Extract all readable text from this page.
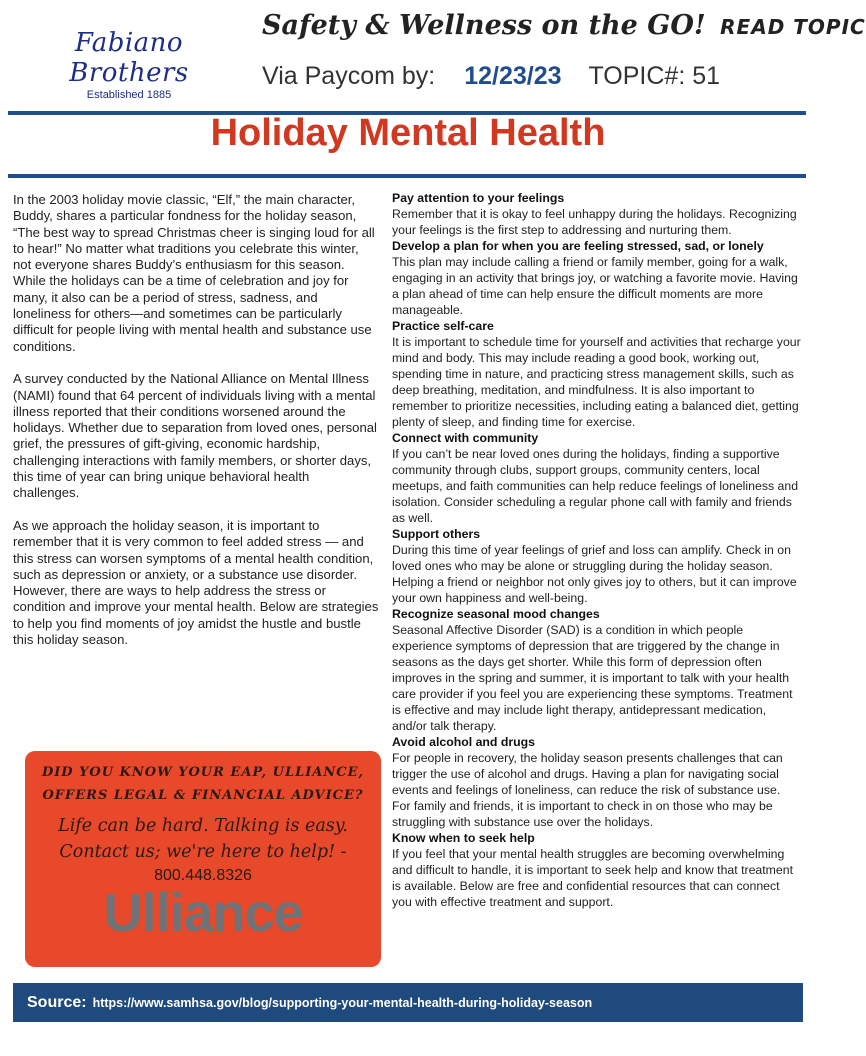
Fabiano Brothers
Established 1885
Safety & Wellness on the GO! READ TOPIC
Via Paycom by: 12/23/23 TOPIC#: 51
Holiday Mental Health

In the 2003 holiday movie classic, “Elf,” the main character, Buddy, shares a particular fondness for the holiday season, “The best way to spread Christmas cheer is singing loud for all to hear!” No matter what traditions you celebrate this winter, not everyone shares Buddy’s enthusiasm for this season. While the holidays can be a time of celebration and joy for many, it also can be a period of stress, sadness, and loneliness for others—and sometimes can be particularly difficult for people living with mental health and substance use conditions.

A survey conducted by the National Alliance on Mental Illness (NAMI) found that 64 percent of individuals living with a mental illness reported that their conditions worsened around the holidays. Whether due to separation from loved ones, personal grief, the pressures of gift-giving, economic hardship, challenging interactions with family members, or shorter days, this time of year can bring unique behavioral health challenges.

As we approach the holiday season, it is important to remember that it is very common to feel added stress — and this stress can worsen symptoms of a mental health condition, such as depression or anxiety, or a substance use disorder. However, there are ways to help address the stress or condition and improve your mental health. Below are strategies to help you find moments of joy amidst the hustle and bustle this holiday season.

Pay attention to your feelings

Remember that it is okay to feel unhappy during the holidays. Recognizing your feelings is the first step to addressing and nurturing them.

Develop a plan for when you are feeling stressed, sad, or lonely

This plan may include calling a friend or family member, going for a walk, engaging in an activity that brings joy, or watching a favorite movie. Having a plan ahead of time can help ensure the difficult moments are more manageable.

Practice self-care

It is important to schedule time for yourself and activities that recharge your mind and body. This may include reading a good book, working out, spending time in nature, and practicing stress management skills, such as deep breathing, meditation, and mindfulness. It is also important to remember to prioritize necessities, including eating a balanced diet, getting plenty of sleep, and finding time for exercise.

Connect with community

If you can’t be near loved ones during the holidays, finding a supportive community through clubs, support groups, community centers, local meetups, and faith communities can help reduce feelings of loneliness and isolation. Consider scheduling a regular phone call with family and friends as well.

Support others

During this time of year feelings of grief and loss can amplify. Check in on loved ones who may be alone or struggling during the holiday season. Helping a friend or neighbor not only gives joy to others, but it can improve your own happiness and well-being.

Recognize seasonal mood changes

Seasonal Affective Disorder (SAD) is a condition in which people experience symptoms of depression that are triggered by the change in seasons as the days get shorter. While this form of depression often improves in the spring and summer, it is important to talk with your health care provider if you feel you are experiencing these symptoms. Treatment is effective and may include light therapy, antidepressant medication, and/or talk therapy.

Avoid alcohol and drugs

For people in recovery, the holiday season presents challenges that can trigger the use of alcohol and drugs. Having a plan for navigating social events and feelings of loneliness, can reduce the risk of substance use. For family and friends, it is important to check in on those who may be struggling with substance use over the holidays.

Know when to seek help

If you feel that your mental health struggles are becoming overwhelming and difficult to handle, it is important to seek help and know that treatment is available. Below are free and confidential resources that can connect you with effective treatment and support.

DID YOU KNOW YOUR EAP, ULLIANCE, OFFERS LEGAL & FINANCIAL ADVICE?
Life can be hard. Talking is easy.
Contact us; we're here to help! -
800.448.8326
Ulliance
Source: https://www.samhsa.gov/blog/supporting-your-mental-health-during-holiday-season
